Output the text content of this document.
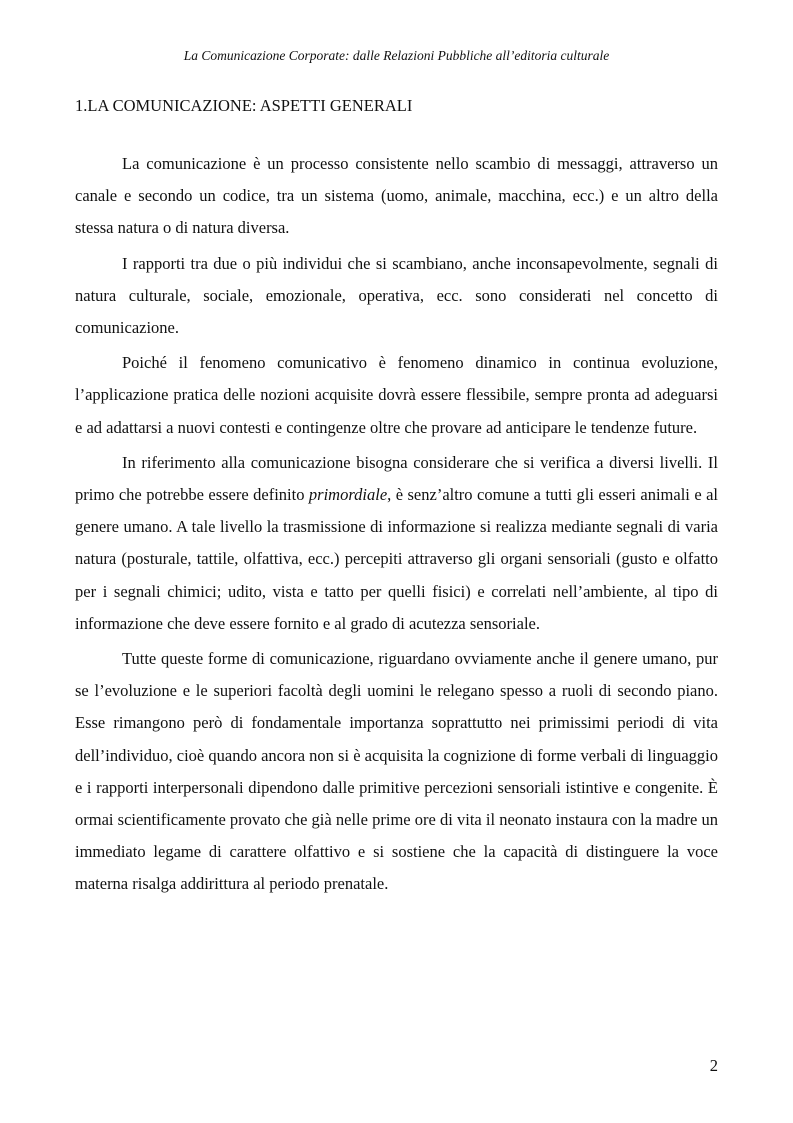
La Comunicazione Corporate: dalle Relazioni Pubbliche all’editoria culturale
1.LA COMUNICAZIONE: ASPETTI GENERALI

La comunicazione è un processo consistente nello scambio di messaggi, attraverso un canale e secondo un codice, tra un sistema (uomo, animale, macchina, ecc.) e un altro della stessa natura o di natura diversa.

I rapporti tra due o più individui che si scambiano, anche inconsapevolmente, segnali di natura culturale, sociale, emozionale, operativa, ecc. sono considerati nel concetto di comunicazione.

Poiché il fenomeno comunicativo è fenomeno dinamico in continua evoluzione, l’applicazione pratica delle nozioni acquisite dovrà essere flessibile, sempre pronta ad adeguarsi e ad adattarsi a nuovi contesti e contingenze oltre che provare ad anticipare le tendenze future.

In riferimento alla comunicazione bisogna considerare che si verifica a diversi livelli. Il primo che potrebbe essere definito primordiale, è senz’altro comune a tutti gli esseri animali e al genere umano. A tale livello la trasmissione di informazione si realizza mediante segnali di varia natura (posturale, tattile, olfattiva, ecc.) percepiti attraverso gli organi sensoriali (gusto e olfatto per i segnali chimici; udito, vista e tatto per quelli fisici) e correlati nell’ambiente, al tipo di informazione che deve essere fornito e al grado di acutezza sensoriale.

Tutte queste forme di comunicazione, riguardano ovviamente anche il genere umano, pur se l’evoluzione e le superiori facoltà degli uomini le relegano spesso a ruoli di secondo piano. Esse rimangono però di fondamentale importanza soprattutto nei primissimi periodi di vita dell’individuo, cioè quando ancora non si è acquisita la cognizione di forme verbali di linguaggio e i rapporti interpersonali dipendono dalle primitive percezioni sensoriali istintive e congenite. È ormai scientificamente provato che già nelle prime ore di vita il neonato instaura con la madre un immediato legame di carattere olfattivo e si sostiene che la capacità di distinguere la voce materna risalga addirittura al periodo prenatale.

2
